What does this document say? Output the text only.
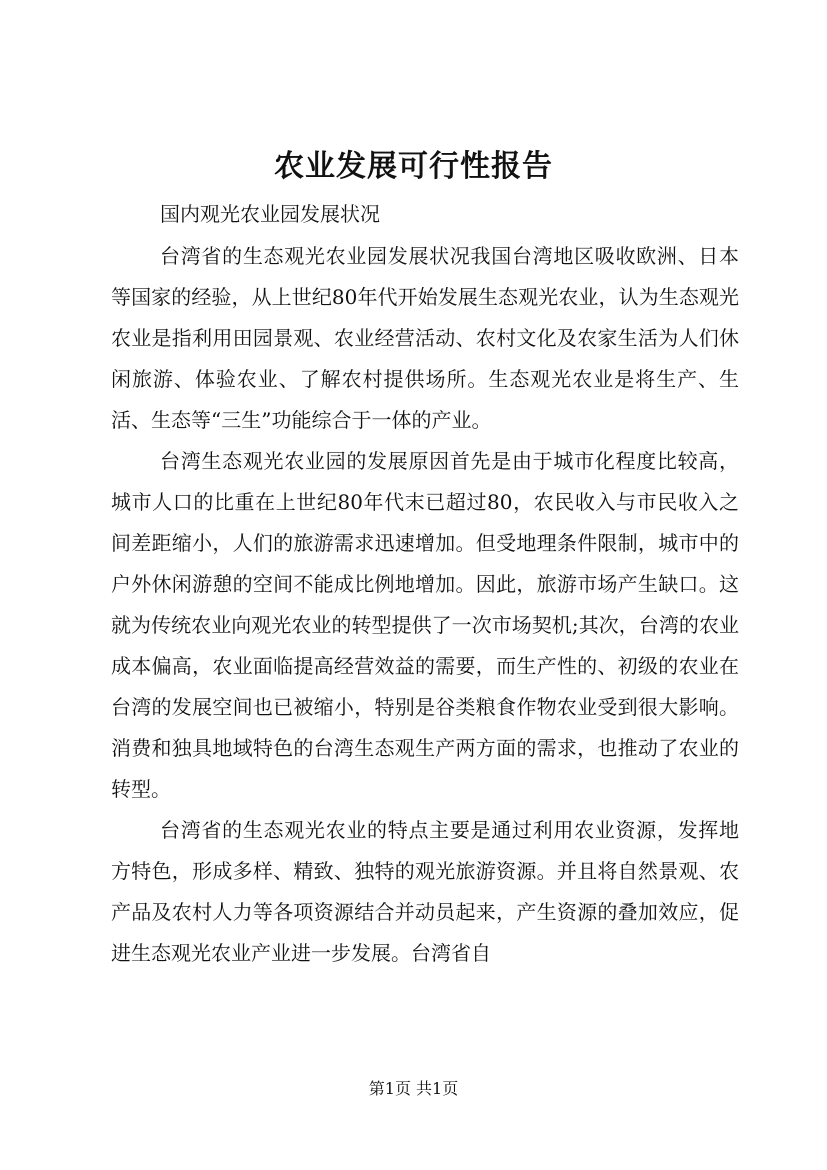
农业发展可行性报告

国内观光农业园发展状况

台湾省的生态观光农业园发展状况我国台湾地区吸收欧洲、日本等国家的经验，从上世纪80年代开始发展生态观光农业，认为生态观光农业是指利用田园景观、农业经营活动、农村文化及农家生活为人们休闲旅游、体验农业、了解农村提供场所。生态观光农业是将生产、生活、生态等“三生”功能综合于一体的产业。

台湾生态观光农业园的发展原因首先是由于城市化程度比较高，城市人口的比重在上世纪80年代末已超过80，农民收入与市民收入之间差距缩小，人们的旅游需求迅速增加。但受地理条件限制，城市中的户外休闲游憩的空间不能成比例地增加。因此，旅游市场产生缺口。这就为传统农业向观光农业的转型提供了一次市场契机;其次，台湾的农业成本偏高，农业面临提高经营效益的需要，而生产性的、初级的农业在台湾的发展空间也已被缩小，特别是谷类粮食作物农业受到很大影响。消费和独具地域特色的台湾生态观生产两方面的需求，也推动了农业的转型。

台湾省的生态观光农业的特点主要是通过利用农业资源，发挥地方特色，形成多样、精致、独特的观光旅游资源。并且将自然景观、农产品及农村人力等各项资源结合并动员起来，产生资源的叠加效应，促进生态观光农业产业进一步发展。台湾省自

第1页 共1页
